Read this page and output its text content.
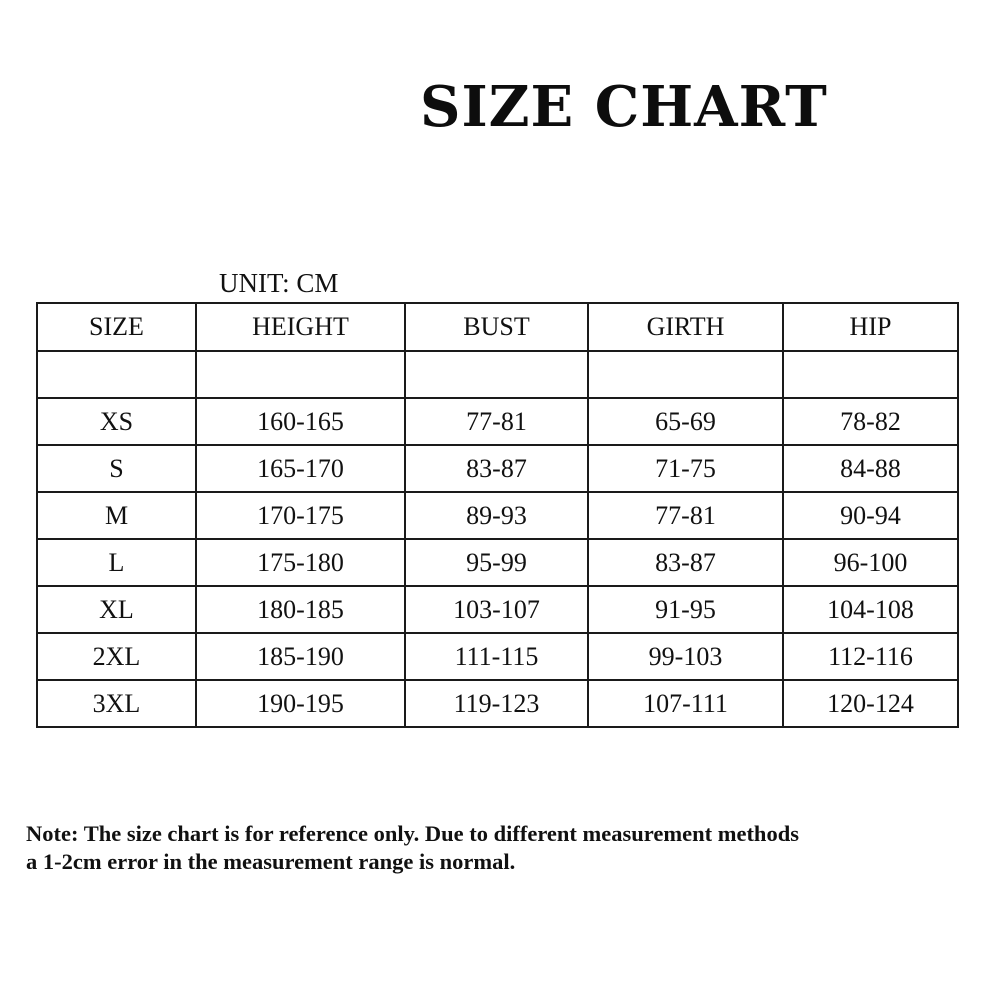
SIZE CHART
UNIT: CM
SIZE	HEIGHT	BUST	GIRTH	HIP

XS	160-165	77-81	65-69	78-82
S	165-170	83-87	71-75	84-88
M	170-175	89-93	77-81	90-94
L	175-180	95-99	83-87	96-100
XL	180-185	103-107	91-95	104-108
2XL	185-190	111-115	99-103	112-116
3XL	190-195	119-123	107-111	120-124

Note: The size chart is for reference only. Due to different measurement methods
a 1-2cm error in the measurement range is normal.
